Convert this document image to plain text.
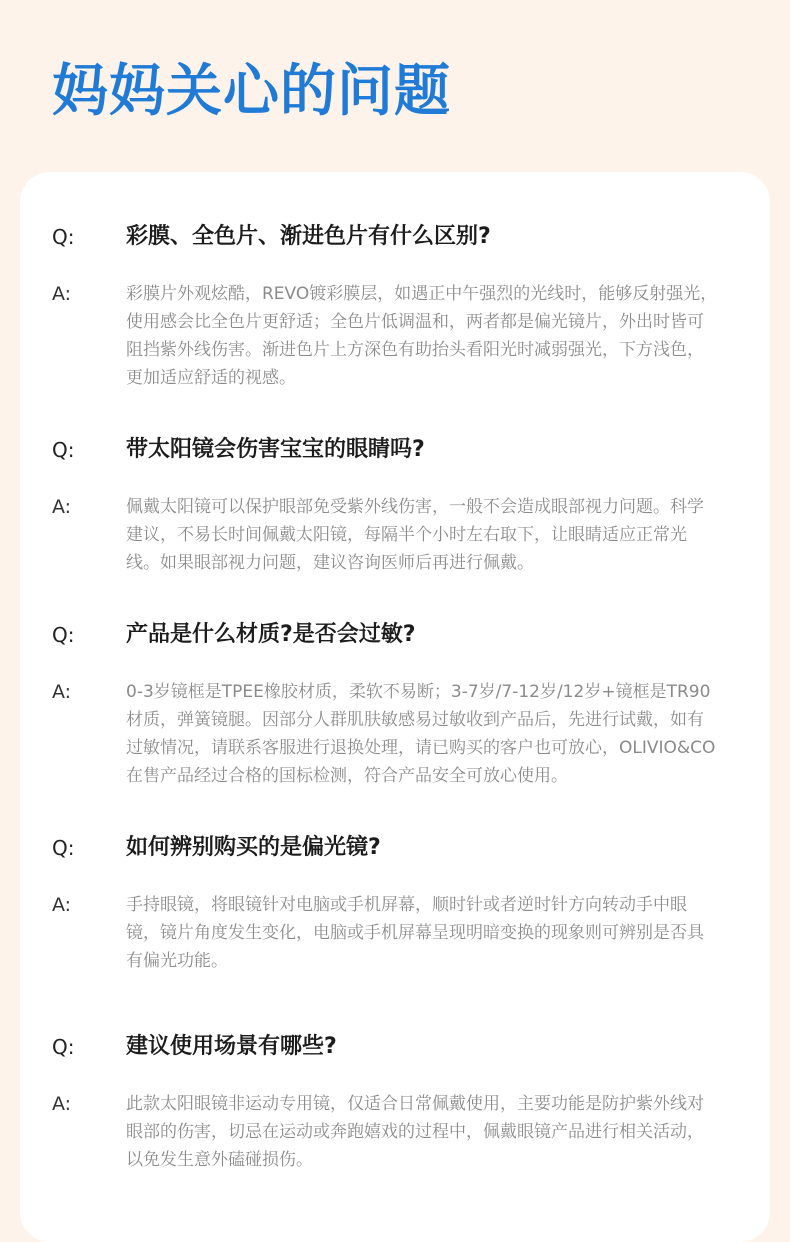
妈妈关心的问题
Q: 彩膜、全色片、渐进色片有什么区别?
A:	彩膜片外观炫酷，REVO镀彩膜层，如遇正中午强烈的光线时，能够反射强光，使用感会比全色片更舒适；全色片低调温和，两者都是偏光镜片，外出时皆可阻挡紫外线伤害。渐进色片上方深色有助抬头看阳光时减弱强光，下方浅色，更加适应舒适的视感。

Q: 带太阳镜会伤害宝宝的眼睛吗?
A:	佩戴太阳镜可以保护眼部免受紫外线伤害，一般不会造成眼部视力问题。科学建议，不易长时间佩戴太阳镜，每隔半个小时左右取下，让眼睛适应正常光线。如果眼部视力问题，建议咨询医师后再进行佩戴。

Q: 产品是什么材质?是否会过敏?
A:	0-3岁镜框是TPEE橡胶材质，柔软不易断；3-7岁/7-12岁/12岁+镜框是TR90材质，弹簧镜腿。因部分人群肌肤敏感易过敏收到产品后，先进行试戴，如有过敏情况，请联系客服进行退换处理，请已购买的客户也可放心，OLIVIO&CO在售产品经过合格的国标检测，符合产品安全可放心使用。

Q: 如何辨别购买的是偏光镜?
A:	手持眼镜，将眼镜针对电脑或手机屏幕，顺时针或者逆时针方向转动手中眼镜，镜片角度发生变化，电脑或手机屏幕呈现明暗变换的现象则可辨别是否具有偏光功能。

Q: 建议使用场景有哪些?
A:	此款太阳眼镜非运动专用镜，仅适合日常佩戴使用，主要功能是防护紫外线对眼部的伤害，切忌在运动或奔跑嬉戏的过程中，佩戴眼镜产品进行相关活动，以免发生意外磕碰损伤。
